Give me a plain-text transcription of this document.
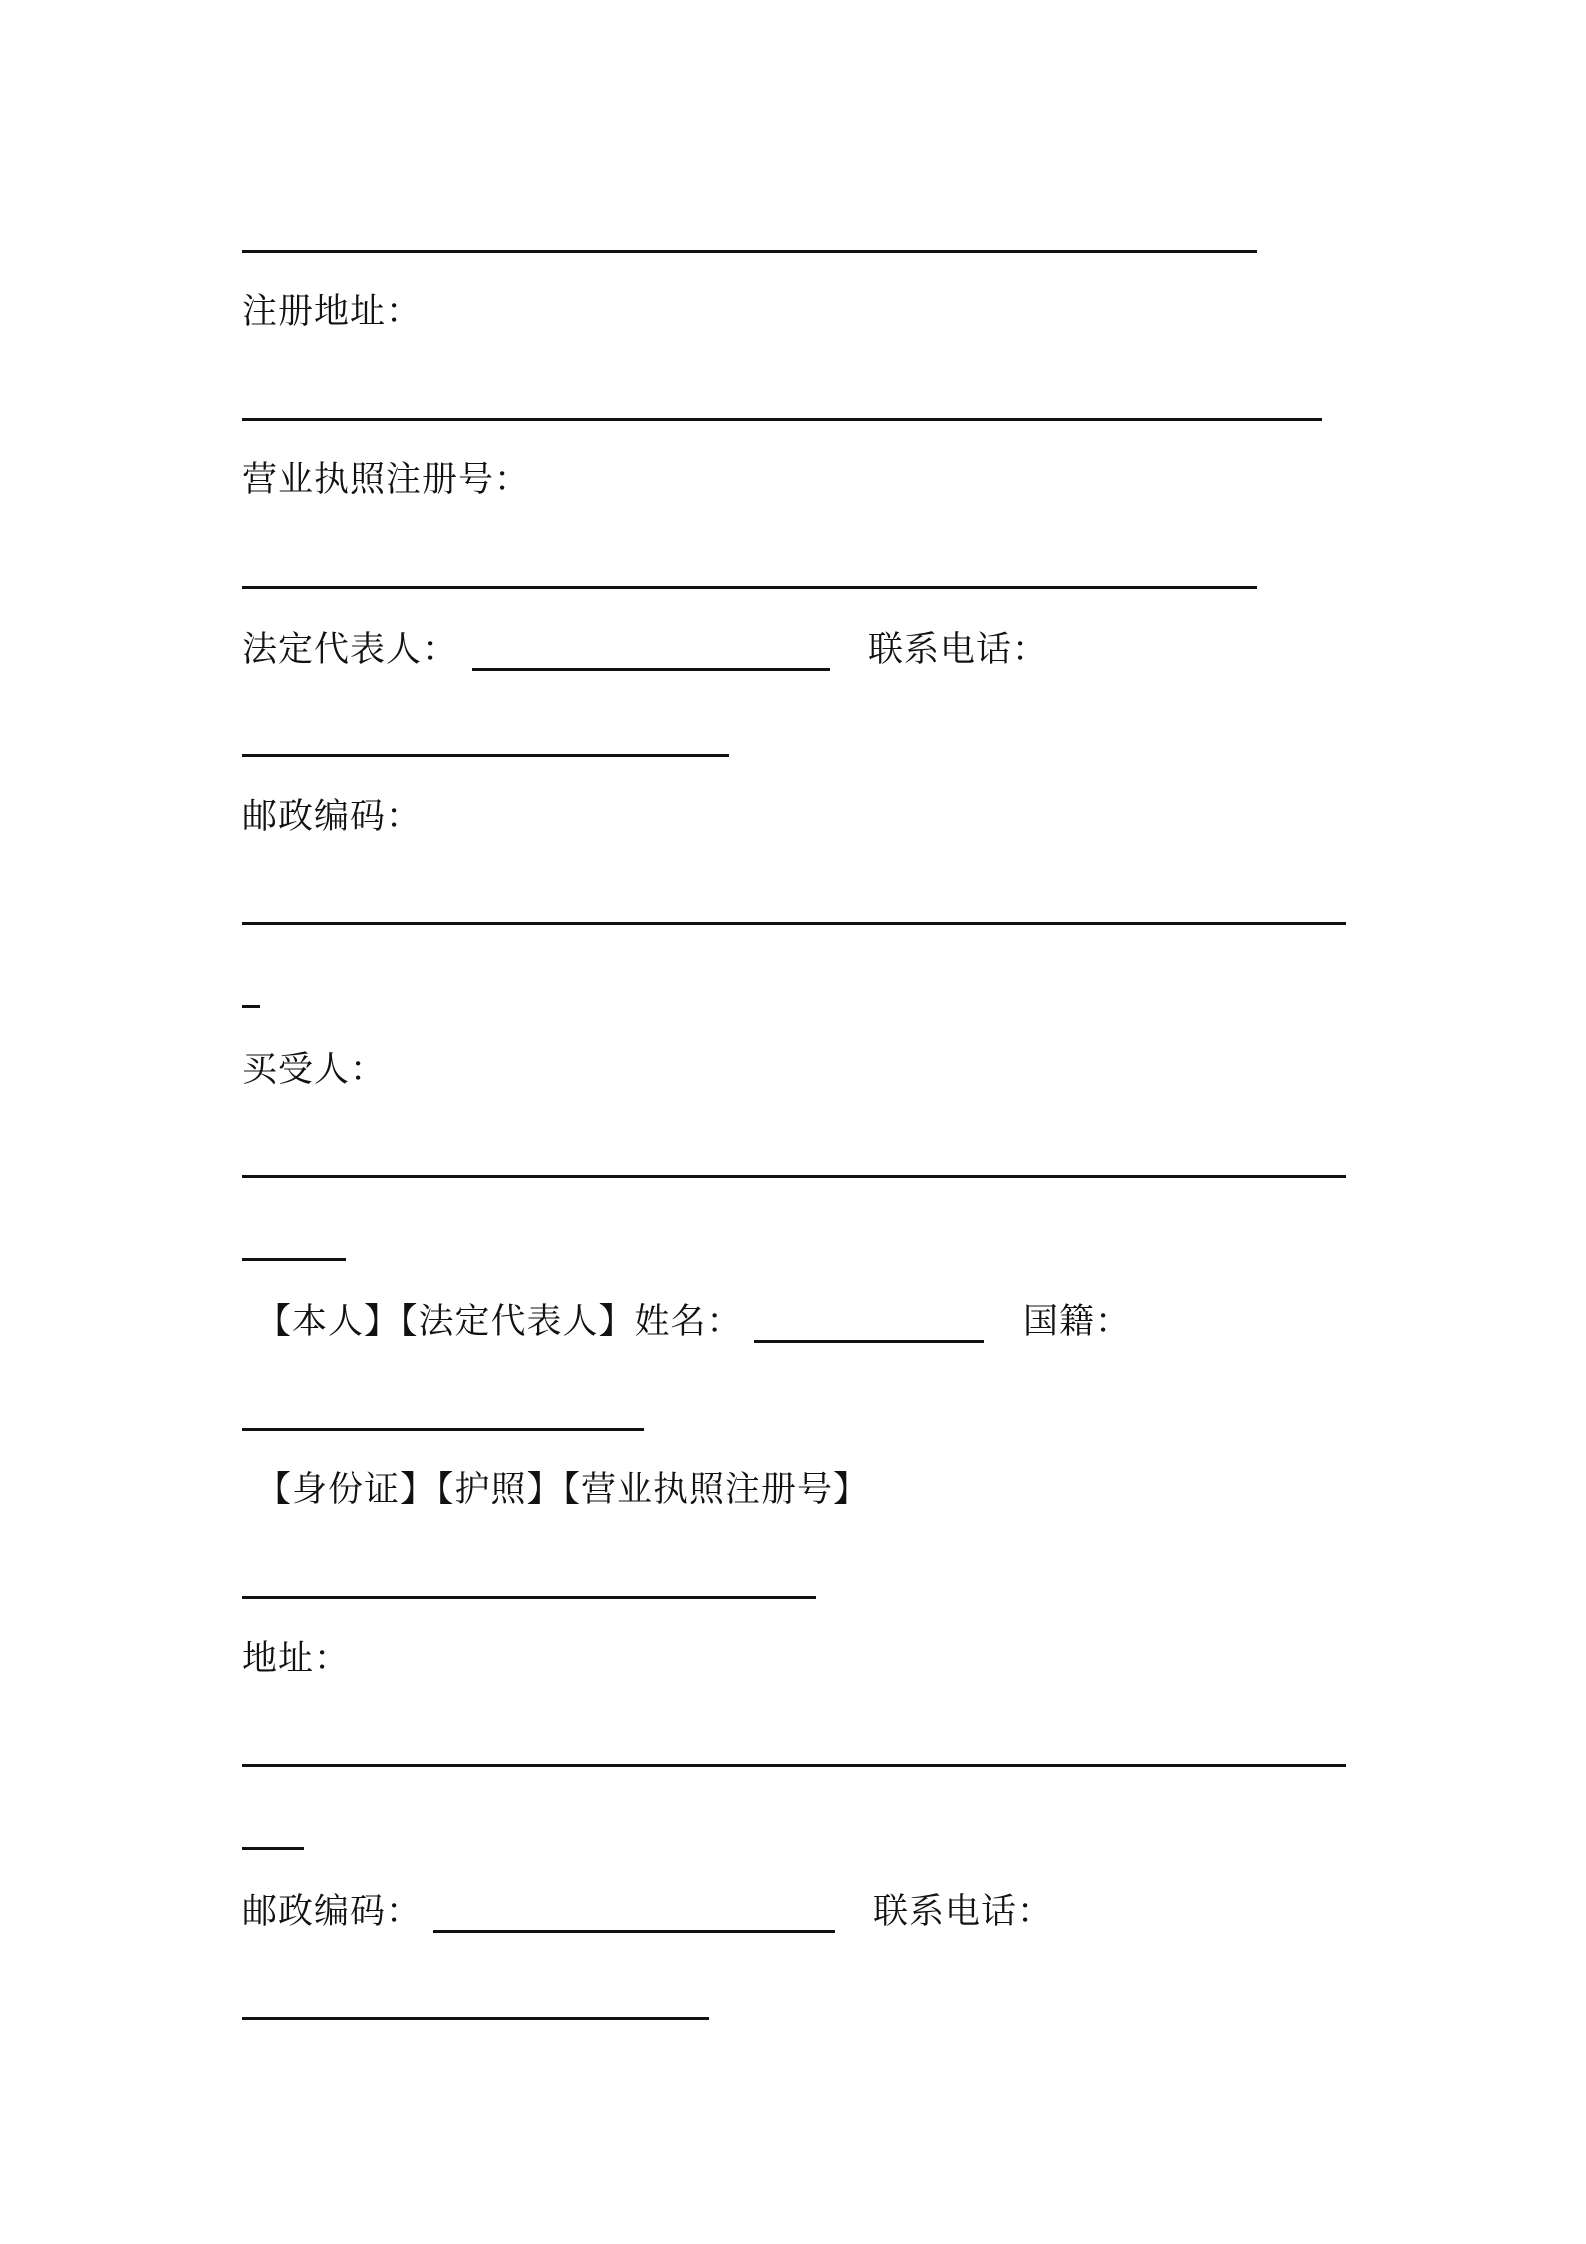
注册地址：
营业执照注册号：
法定代表人：	联系电话：
邮政编码：
买受人：
【本人】【法定代表人】姓名：	国籍：
【身份证】【护照】【营业执照注册号】
地址：
邮政编码：	联系电话：
